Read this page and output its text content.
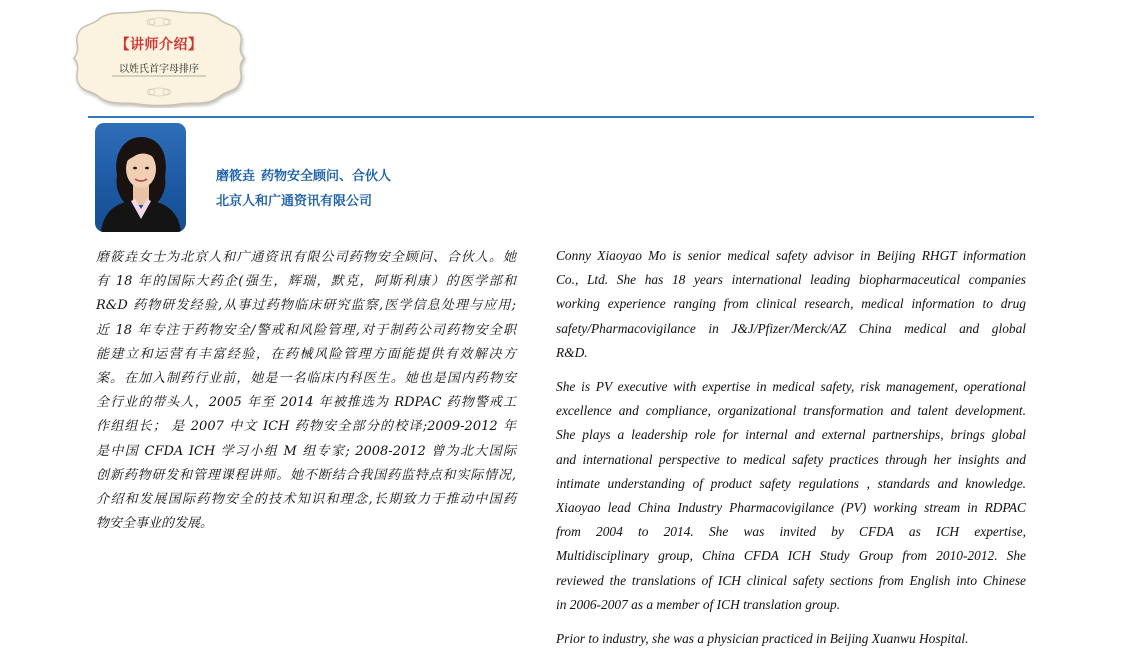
【讲师介绍】
以姓氏首字母排序
磨筱垚 药物安全顾问、合伙人
北京人和广通资讯有限公司
磨筱垚女士为北京人和广通资讯有限公司药物安全顾问、合伙人。她
有 18 年的国际大药企(强生，辉瑞，默克，阿斯利康）的医学部和
R&D 药物研发经验,从事过药物临床研究监察,医学信息处理与应用;
近 18 年专注于药物安全/警戒和风险管理,对于制药公司药物安全职
能建立和运营有丰富经验，在药械风险管理方面能提供有效解决方
案。在加入制药行业前，她是一名临床内科医生。她也是国内药物安
全行业的带头人，2005 年至 2014 年被推选为 RDPAC 药物警戒工
作组组长； 是 2007 中文 ICH 药物安全部分的校译;2009-2012 年
是中国 CFDA ICH 学习小组 M 组专家; 2008-2012 曾为北大国际
创新药物研发和管理课程讲师。她不断结合我国药监特点和实际情况,
介绍和发展国际药物安全的技术知识和理念,长期致力于推动中国药
物安全事业的发展。
Conny Xiaoyao Mo is senior medical safety advisor in Beijing RHGT information
Co., Ltd. She has 18 years international leading biopharmaceutical companies
working experience ranging from clinical research, medical information to drug
safety/Pharmacovigilance in J&J/Pfizer/Merck/AZ China medical and global
R&D.
She is PV executive with expertise in medical safety, risk management, operational
excellence and compliance, organizational transformation and talent development.
She plays a leadership role for internal and external partnerships, brings global
and international perspective to medical safety practices through her insights and
intimate understanding of product safety regulations , standards and knowledge.
Xiaoyao lead China Industry Pharmacovigilance (PV) working stream in RDPAC
from 2004 to 2014. She was invited by CFDA as ICH expertise,
Multidisciplinary group, China CFDA ICH Study Group from 2010-2012. She
reviewed the translations of ICH clinical safety sections from English into Chinese
in 2006-2007 as a member of ICH translation group.
Prior to industry, she was a physician practiced in Beijing Xuanwu Hospital.
